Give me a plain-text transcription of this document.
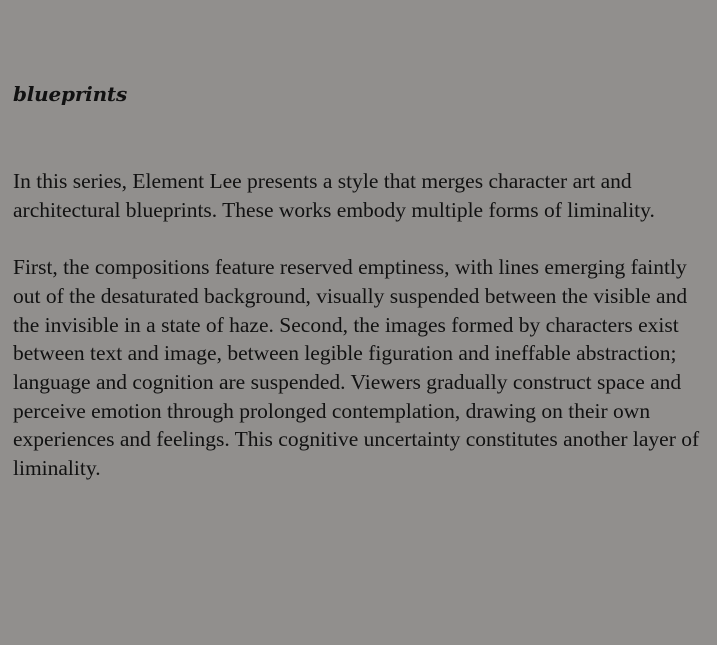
blueprints

In this series, Element Lee presents a style that merges character art and architectural blueprints. These works embody multiple forms of liminality.

First, the compositions feature reserved emptiness, with lines emerging faintly out of the desaturated background, visually suspended between the visible and the invisible in a state of haze. Second, the images formed by characters exist between text and image, between legible figuration and ineffable abstraction; language and cognition are suspended. Viewers gradually construct space and perceive emotion through prolonged contemplation, drawing on their own experiences and feelings. This cognitive uncertainty constitutes another layer of liminality.
